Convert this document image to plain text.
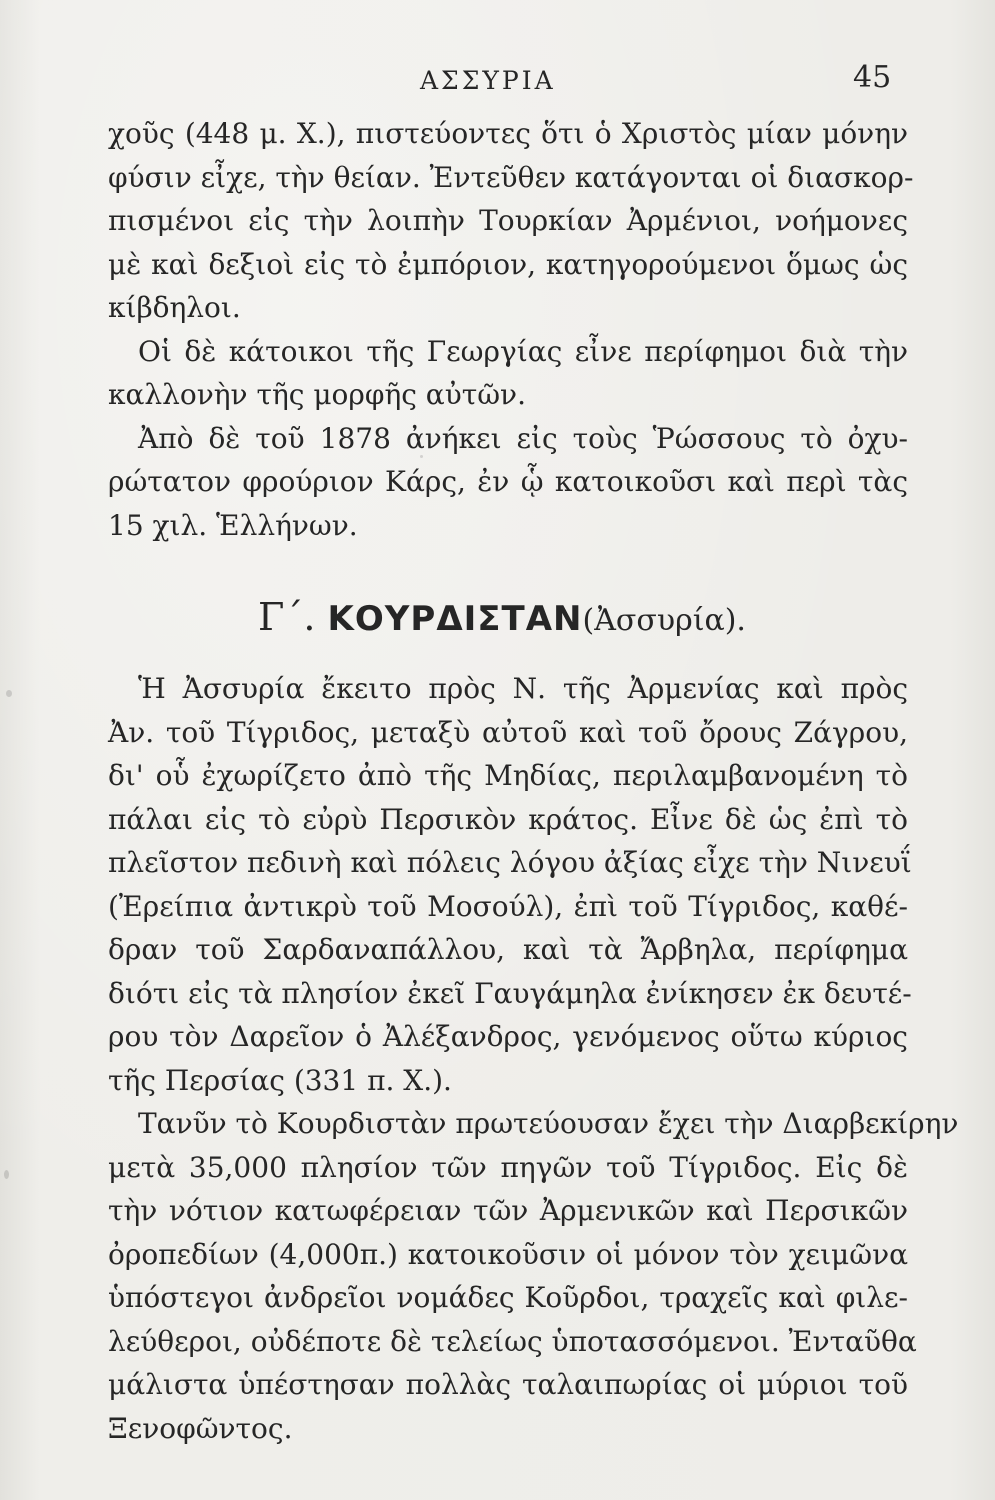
ΑΣΣΥΡΙΑ	45
χοῦς (448 μ. Χ.), πιστεύοντες ὅτι ὁ Χριστὸς μίαν μόνην
φύσιν εἶχε, τὴν θείαν. Ἐντεῦθεν κατάγονται οἱ διασκορ-
πισμένοι εἰς τὴν λοιπὴν Τουρκίαν Ἀρμένιοι, νοήμονες
μὲ καὶ δεξιοὶ εἰς τὸ ἐμπόριον, κατηγορούμενοι ὅμως ὡς
κίβδηλοι.
Οἱ δὲ κάτοικοι τῆς Γεωργίας εἶνε περίφημοι διὰ τὴν
καλλονὴν τῆς μορφῆς αὐτῶν.
Ἀπὸ δὲ τοῦ 1878 ἀνήκει εἰς τοὺς Ῥώσσους τὸ ὀχυ-
ρώτατον φρούριον Κάρς, ἐν ᾧ κατοικοῦσι καὶ περὶ τὰς
15 χιλ. Ἑλλήνων.
Γ΄. ΚΟΥΡΔΙΣΤΑΝ(Ἀσσυρία).
Ἡ Ἀσσυρία ἔκειτο πρὸς Ν. τῆς Ἀρμενίας καὶ πρὸς
Ἀν. τοῦ Τίγριδος, μεταξὺ αὐτοῦ καὶ τοῦ ὄρους Ζάγρου,
δι' οὗ ἐχωρίζετο ἀπὸ τῆς Μηδίας, περιλαμβανομένη τὸ
πάλαι εἰς τὸ εὐρὺ Περσικὸν κράτος. Εἶνε δὲ ὡς ἐπὶ τὸ
πλεῖστον πεδινὴ καὶ πόλεις λόγου ἀξίας εἶχε τὴν Νινευΐ
(Ἐρείπια ἀντικρὺ τοῦ Μοσούλ), ἐπὶ τοῦ Τίγριδος, καθέ-
δραν τοῦ Σαρδαναπάλλου, καὶ τὰ Ἄρβηλα, περίφημα
διότι εἰς τὰ πλησίον ἐκεῖ Γαυγάμηλα ἐνίκησεν ἐκ δευτέ-
ρου τὸν Δαρεῖον ὁ Ἀλέξανδρος, γενόμενος οὕτω κύριος
τῆς Περσίας (331 π. Χ.).
Τανῦν τὸ Κουρδιστὰν πρωτεύουσαν ἔχει τὴν Διαρβεκίρην
μετὰ 35,000 πλησίον τῶν πηγῶν τοῦ Τίγριδος. Εἰς δὲ
τὴν νότιον κατωφέρειαν τῶν Ἀρμενικῶν καὶ Περσικῶν
ὀροπεδίων (4,000π.) κατοικοῦσιν οἱ μόνον τὸν χειμῶνα
ὑπόστεγοι ἀνδρεῖοι νομάδες Κοῦρδοι, τραχεῖς καὶ φιλε-
λεύθεροι, οὐδέποτε δὲ τελείως ὑποτασσόμενοι. Ἐνταῦθα
μάλιστα ὑπέστησαν πολλὰς ταλαιπωρίας οἱ μύριοι τοῦ
Ξενοφῶντος.
